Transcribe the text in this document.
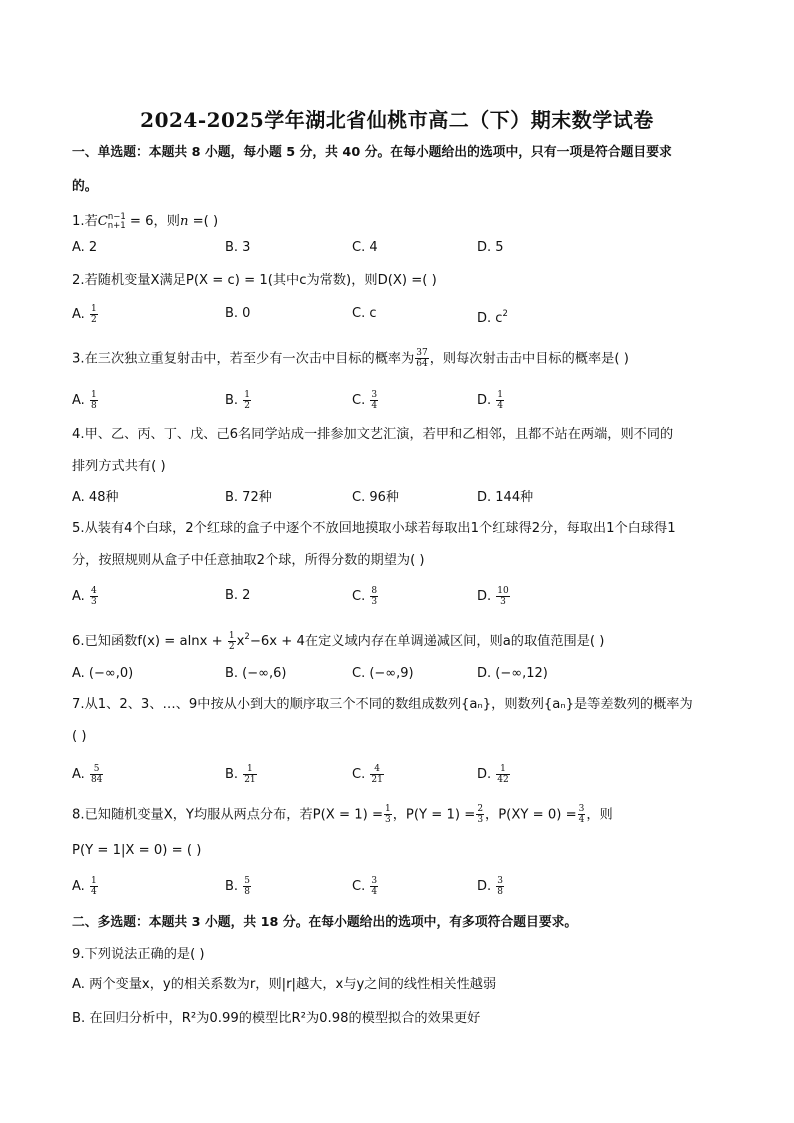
2024-2025学年湖北省仙桃市高二（下）期末数学试卷
一、单选题：本题共 8 小题，每小题 5 分，共 40 分。在每小题给出的选项中，只有一项是符合题目要求
的。
1.若$C^{n-1}_{n+1} = 6$，则n =( )
A. 2	B. 3	C. 4	D. 5
2.若随机变量X满足P(X = c) = 1(其中c为常数)，则D(X) =( )
A. $\frac{1}{2}$	B. 0	C. c	D. $c^2$
3.在三次独立重复射击中，若至少有一次击中目标的概率为 $\frac{37}{64}$ ，则每次射击击中目标的概率是( )
A. $\frac{1}{8}$	B. $\frac{1}{2}$	C. $\frac{3}{4}$	D. $\frac{1}{4}$
4.甲、乙、丙、丁、戊、己6名同学站成一排参加文艺汇演，若甲和乙相邻，且都不站在两端，则不同的
排列方式共有( )
A. 48种	B. 72种	C. 96种	D. 144种
5.从装有4个白球，2个红球的盒子中逐个不放回地摸取小球若每取出1个红球得2分，每取出1个白球得1
分，按照规则从盒子中任意抽取2个球，所得分数的期望为( )
A. $\frac{4}{3}$	B. 2	C. $\frac{8}{3}$	D. $\frac{10}{3}$
6.已知函数$f(x) = alnx + \frac{1}{2} x^2-6x + 4$在定义域内存在单调递减区间，则a的取值范围是( )
A. (−∞,0)	B. (−∞,6)	C. (−∞,9)	D. (−∞,12)
7.从1、2、3、…、9中按从小到大的顺序取三个不同的数组成数列{aₙ}，则数列{aₙ}是等差数列的概率为
( )
A. $\frac{5}{84}$	B. $\frac{1}{21}$	C. $\frac{4}{21}$	D. $\frac{1}{42}$
8.已知随机变量X，Y均服从两点分布，若$P(X = 1) = \frac{1}{3}$ ，$P(Y = 1) = \frac{2}{3}$ ，$P(XY = 0) = \frac{3}{4}$ ，则
P(Y = 1|X = 0) = ( )
A. $\frac{1}{4}$	B. $\frac{5}{8}$	C. $\frac{3}{4}$	D. $\frac{3}{8}$
二、多选题：本题共 3 小题，共 18 分。在每小题给出的选项中，有多项符合题目要求。
9.下列说法正确的是( )
A. 两个变量x，y的相关系数为r，则|r|越大，x与y之间的线性相关性越弱
B. 在回归分析中，R²为0.99的模型比R²为0.98的模型拟合的效果更好
